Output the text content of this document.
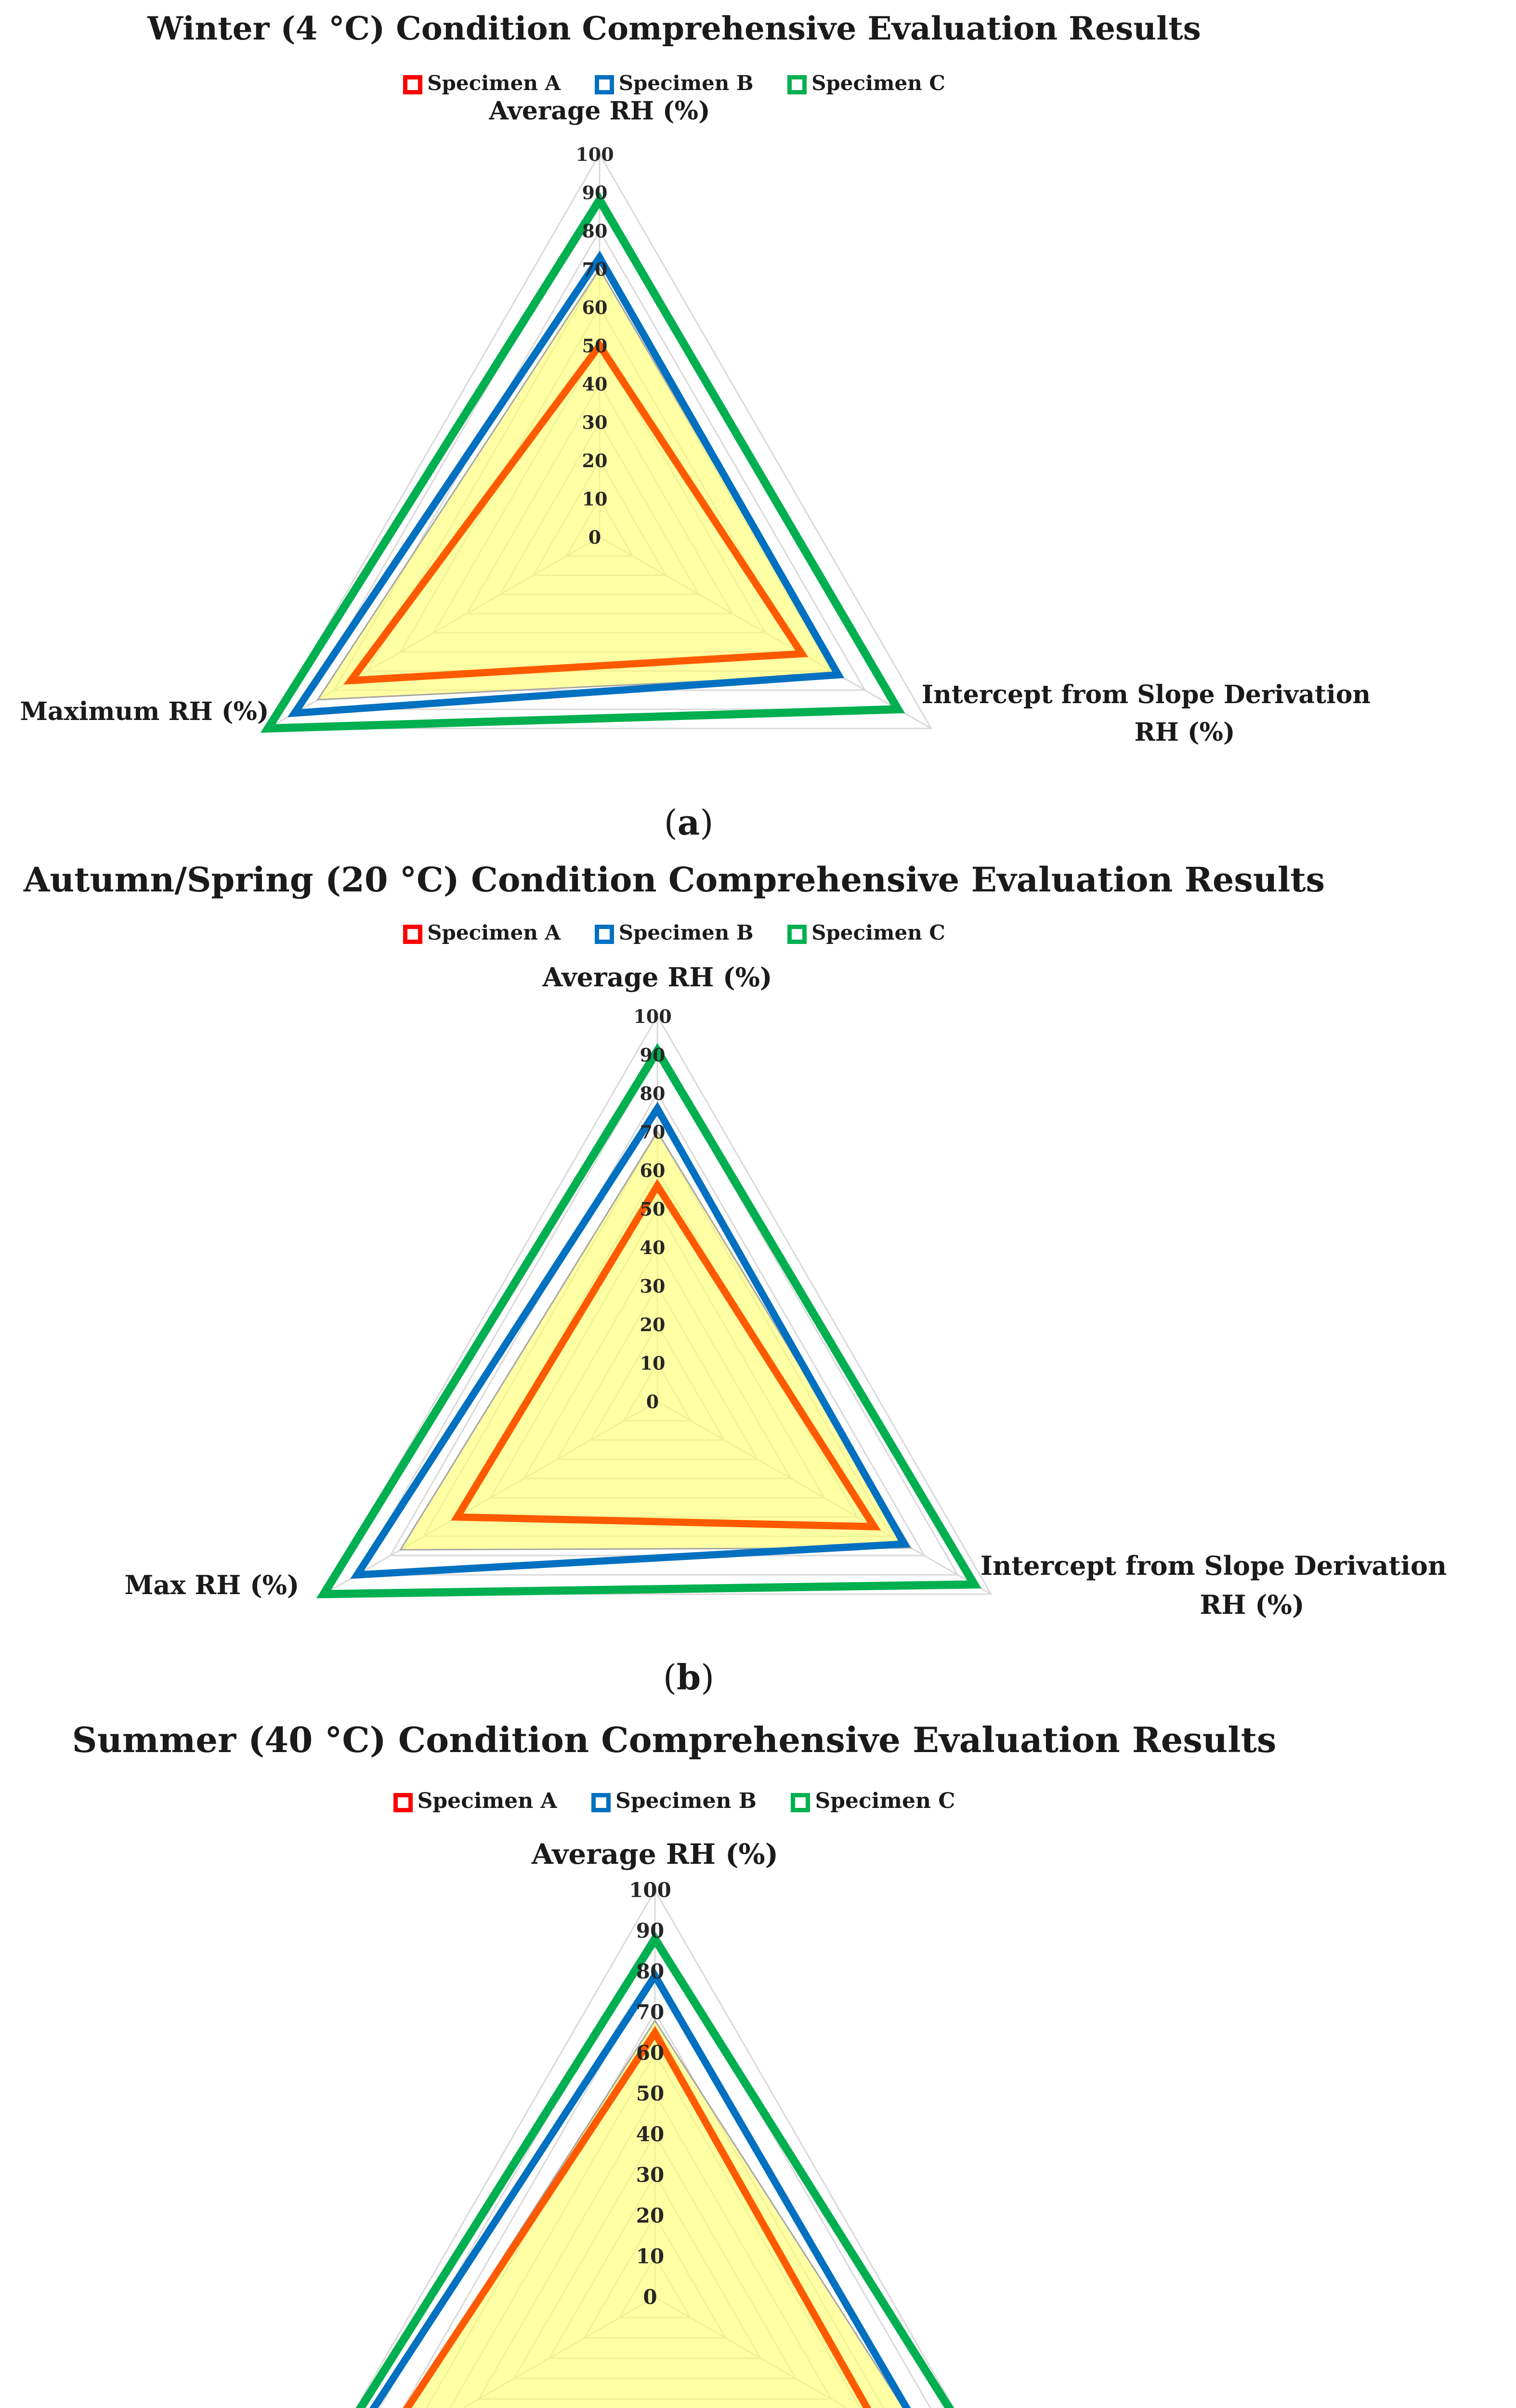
Winter (4 °C) Condition Comprehensive Evaluation Results
Specimen A	Specimen B	Specimen C
0
10
20
30
40
50
60
70
80
90
100
Average RH (%)
Intercept from Slope Derivation RH (%)
Maximum RH (%)
(a)
Autumn/Spring (20 °C) Condition Comprehensive Evaluation Results
Specimen A	Specimen B	Specimen C
0
10
20
30
40
50
60
70
80
90
100
Average RH (%)
Intercept from Slope Derivation RH (%)
Max RH (%)
(b)
Summer (40 °C) Condition Comprehensive Evaluation Results
Specimen A	Specimen B	Specimen C
0
10
20
30
40
50
60
70
80
90
100
Average RH (%)
